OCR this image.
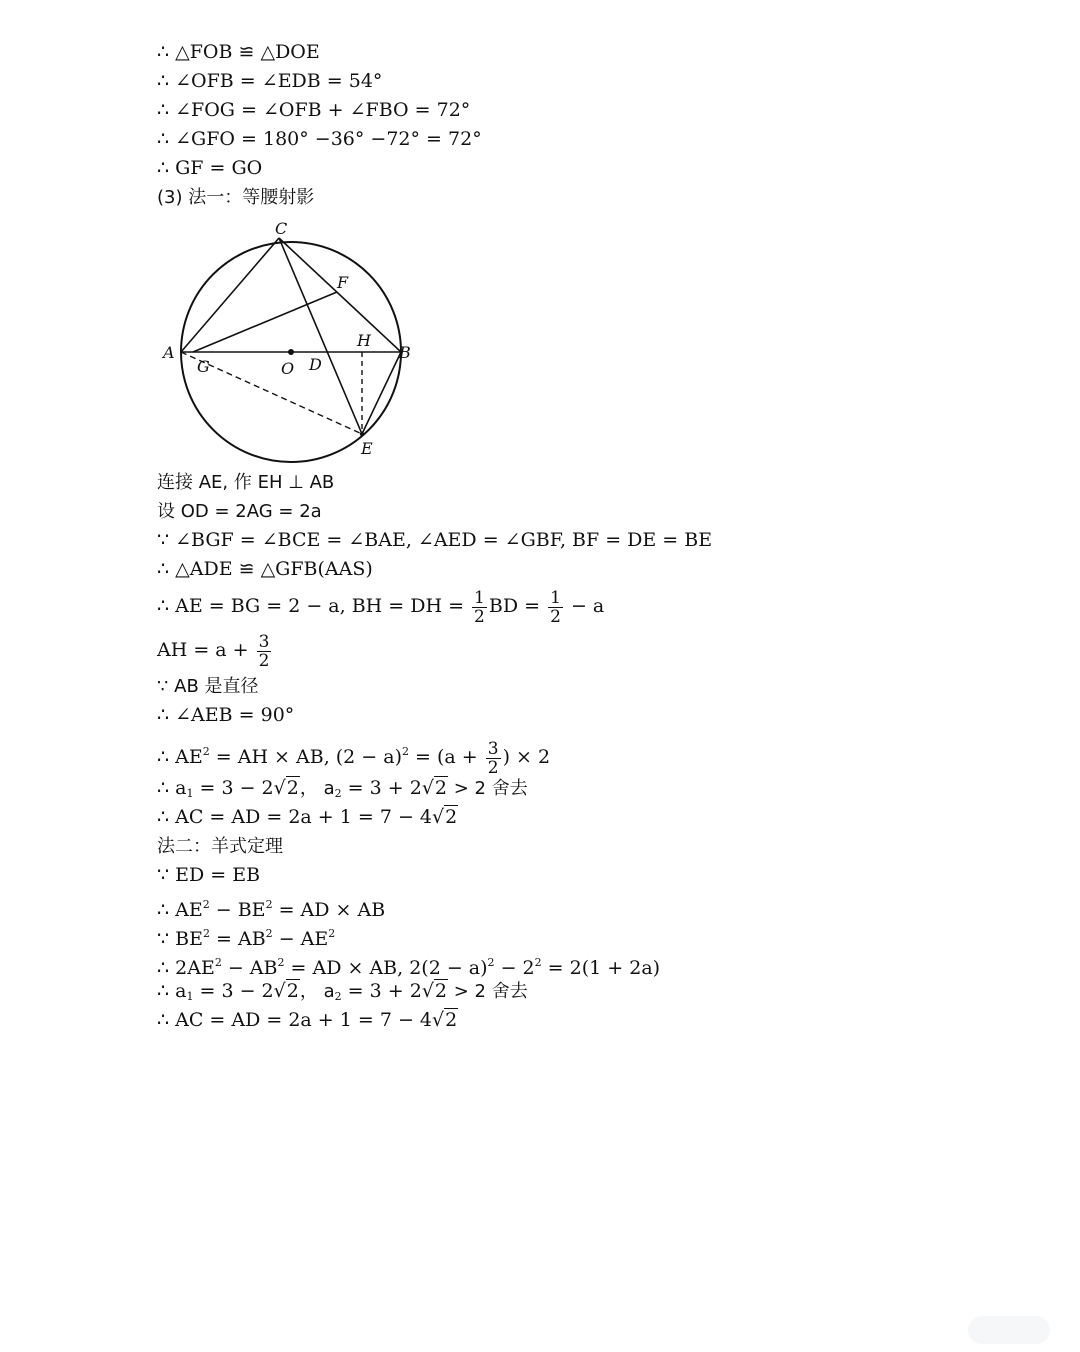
∴ △FOB ≌ △DOE
∴ ∠OFB = ∠EDB = 54°
∴ ∠FOG = ∠OFB + ∠FBO = 72°
∴ ∠GFO = 180° −36° −72° = 72°
∴ GF = GO
(3) 法一：等腰射影
C
F
H
A
G	O D
B
E
连接 AE, 作 EH ⊥ AB
设 OD = 2AG = 2a
∵ ∠BGF = ∠BCE = ∠BAE, ∠AED = ∠GBF, BF = DE = BE
∴ △ADE ≌ △GFB(AAS)
∴ AE = BG = 2 − a, BH = DH = $\frac{1}{2}$ BD = $\frac{1}{2} - a$
AH = $a + \frac{3}{2}$
∵ AB 是直径
∴ ∠AEB = 90°
∴ $AE^2$ = AH × AB, $(2 - a)^2 = (a + \frac{3}{2}$ ) × 2
∴ $a_1 = 3 - 2√2$， $a_2 = 3 + 2√2 > 2$ 舍去
∴ AC = AD = 2a + 1 = 7 − 4√2
法二：羊式定理
∵ ED = EB
∴ $AE^2 - BE^2$ = AD × AB
∵ $BE^2 = AB^2 - AE^2$
∴ $2AE^2 - AB^2$ = AD × AB, $2(2 - a)^2 - 2^2 = 2(1 + 2a)$
∴ $a_1 = 3 - 2√2$， $a_2 = 3 + 2√2 > 2$ 舍去
∴ AC = AD = 2a + 1 = 7 − 4√2
